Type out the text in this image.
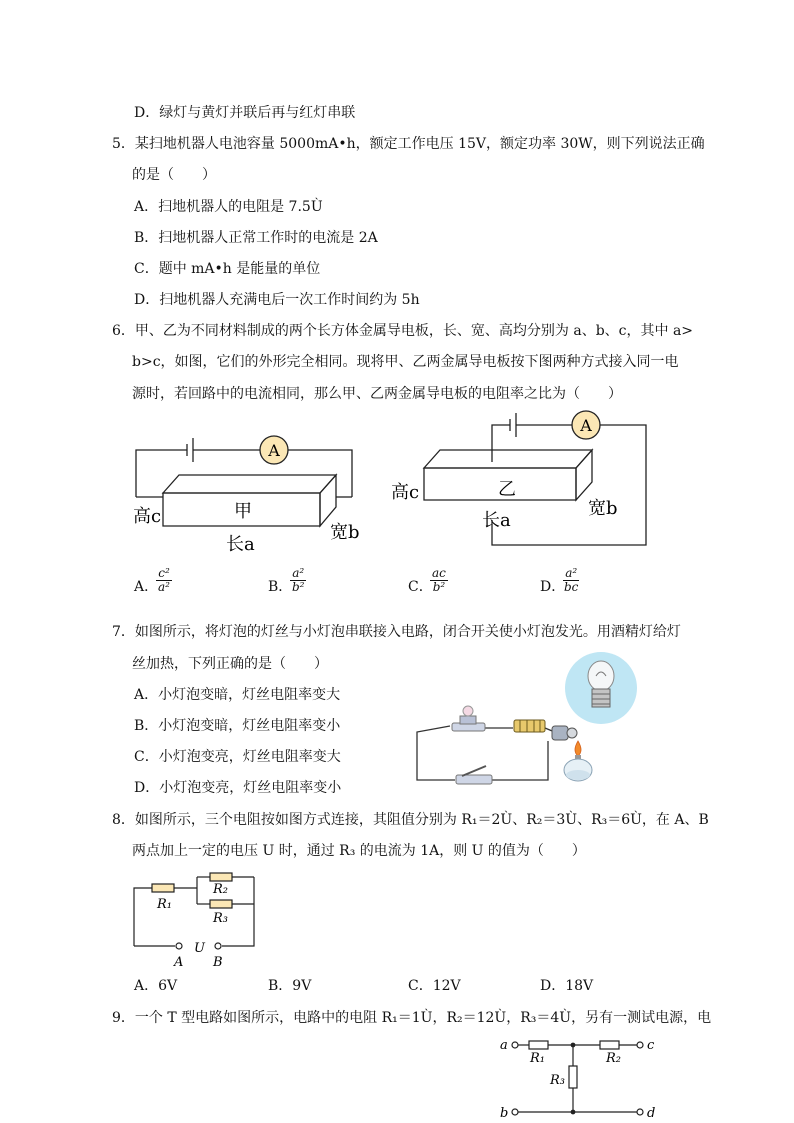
D．绿灯与黄灯并联后再与红灯串联
5．某扫地机器人电池容量 5000mA•h，额定工作电压 15V，额定功率 30W，则下列说法正确
的是（　　）
A．扫地机器人的电阻是 7.5Ù
B．扫地机器人正常工作时的电流是 2A
C．题中 mA•h 是能量的单位
D．扫地机器人充满电后一次工作时间约为 5h
6．甲、乙为不同材料制成的两个长方体金属导电板，长、宽、高均分别为 a、b、c，其中 a>
b>c，如图，它们的外形完全相同。现将甲、乙两金属导电板按下图两种方式接入同一电
源时，若回路中的电流相同，那么甲、乙两金属导电板的电阻率之比为（　　）
A
甲
高c
长a
宽b
A
乙
高c
长a
宽b
A．
$\frac{\text{c²}}{\text{a²}}$	B．
$\frac{\text{a²}}{\text{b²}}$	C．
$\frac{ac}{\text{b²}}$	D．
$\frac{\text{a²}}{bc}$
7．如图所示，将灯泡的灯丝与小灯泡串联接入电路，闭合开关使小灯泡发光。用酒精灯给灯
丝加热，下列正确的是（　　）
A．小灯泡变暗，灯丝电阻率变大
B．小灯泡变暗，灯丝电阻率变小
C．小灯泡变亮，灯丝电阻率变大
D．小灯泡变亮，灯丝电阻率变小
8．如图所示，三个电阻按如图方式连接，其阻值分别为 R₁＝2Ù、R₂＝3Ù、R₃＝6Ù，在 A、B
两点加上一定的电压 U 时，通过 R₃ 的电流为 1A，则 U 的值为（　　）
R₁
R₂
R₃
U
A B
A．6V	B．9V	C．12V	D．18V
9．一个 T 型电路如图所示，电路中的电阻 R₁＝1Ù，R₂＝12Ù，R₃＝4Ù，另有一测试电源，电
a	c
b	d
R₁	R₂
R₃
